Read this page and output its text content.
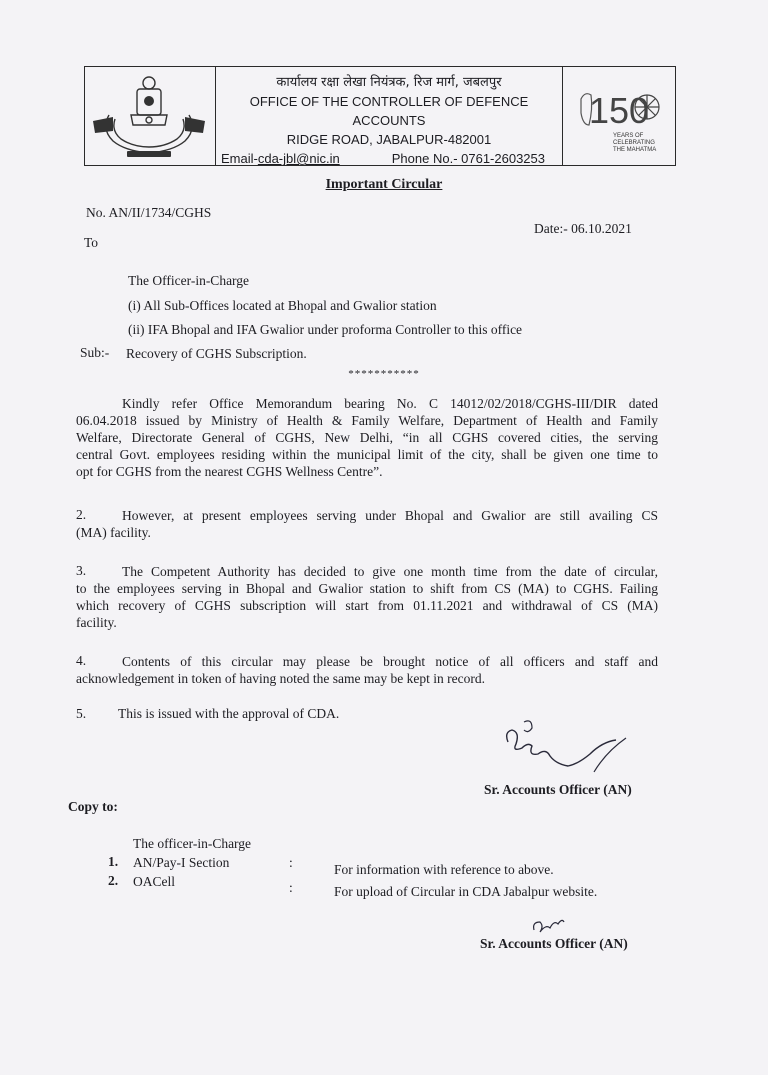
कार्यालय रक्षा लेखा नियंत्रक, रिज मार्ग, जबलपुर
OFFICE OF THE CONTROLLER OF DEFENCE ACCOUNTS
RIDGE ROAD, JABALPUR-482001
Email-cda-jbl@nic.in	Phone No.- 0761-2603253
150
YEARS OF
CELEBRATING
THE MAHATMA
Important Circular
No. AN/II/1734/CGHS
Date:- 06.10.2021
To
The Officer-in-Charge
(i) All Sub-Offices located at Bhopal and Gwalior station
(ii) IFA Bhopal and IFA Gwalior under proforma Controller to this office
Sub:- Recovery of CGHS Subscription.
***********
Kindly refer Office Memorandum bearing No. C 14012/02/2018/CGHS-III/DIR dated
06.04.2018 issued by Ministry of Health & Family Welfare, Department of Health and Family
Welfare, Directorate General of CGHS, New Delhi, “in all CGHS covered cities, the serving
central Govt. employees residing within the municipal limit of the city, shall be given one time to
opt for CGHS from the nearest CGHS Wellness Centre”.
2.	However, at present employees serving under Bhopal and Gwalior are still availing CS
(MA) facility.
3.	The Competent Authority has decided to give one month time from the date of circular,
to the employees serving in Bhopal and Gwalior station to shift from CS (MA) to CGHS. Failing
which recovery of CGHS subscription will start from 01.11.2021 and withdrawal of CS (MA)
facility.
4.	Contents of this circular may please be brought notice of all officers and staff and
acknowledgement in token of having noted the same may be kept in record.
5. This is issued with the approval of CDA.
Sr. Accounts Officer (AN)
Copy to:
The officer-in-Charge
1. AN/Pay-I Section	:	For information with reference to above.
2. OACell	:	For upload of Circular in CDA Jabalpur website.
Sr. Accounts Officer (AN)
